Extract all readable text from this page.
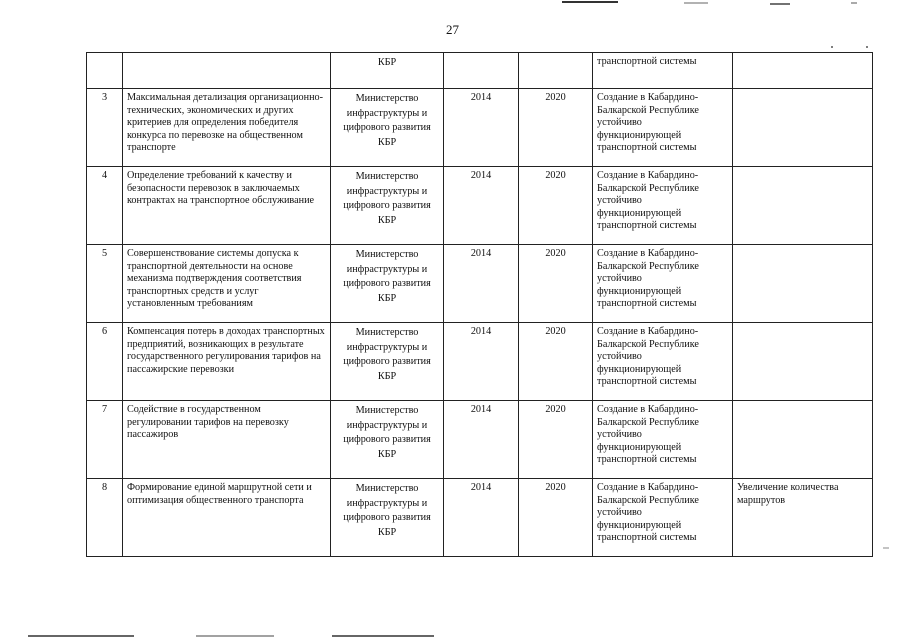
27
		КБР			транспортной системы	
3	Максимальная детализация организационно-технических, экономических и других критериев для определения победителя конкурса по перевозке на общественном транспорте	Министерство инфраструктуры и цифрового развития КБР	2014	2020	Создание в Кабардино-Балкарской Республике устойчиво функционирующей транспортной системы	
4	Определение требований к качеству и безопасности перевозок в заключаемых контрактах на транспортное обслуживание	Министерство инфраструктуры и цифрового развития КБР	2014	2020	Создание в Кабардино-Балкарской Республике устойчиво функционирующей транспортной системы	
5	Совершенствование системы допуска к транспортной деятельности на основе механизма подтверждения соответствия транспортных средств и услуг установленным требованиям	Министерство инфраструктуры и цифрового развития КБР	2014	2020	Создание в Кабардино-Балкарской Республике устойчиво функционирующей транспортной системы	
6	Компенсация потерь в доходах транспортных предприятий, возникающих в результате государственного регулирования тарифов на пассажирские перевозки	Министерство инфраструктуры и цифрового развития КБР	2014	2020	Создание в Кабардино-Балкарской Республике устойчиво функционирующей транспортной системы	
7	Содействие в государственном регулировании тарифов на перевозку пассажиров	Министерство инфраструктуры и цифрового развития КБР	2014	2020	Создание в Кабардино-Балкарской Республике устойчиво функционирующей транспортной системы	
8	Формирование единой маршрутной сети и оптимизация общественного транспорта	Министерство инфраструктуры и цифрового развития КБР	2014	2020	Создание в Кабардино-Балкарской Республике устойчиво функционирующей транспортной системы	Увеличение количества маршрутов
